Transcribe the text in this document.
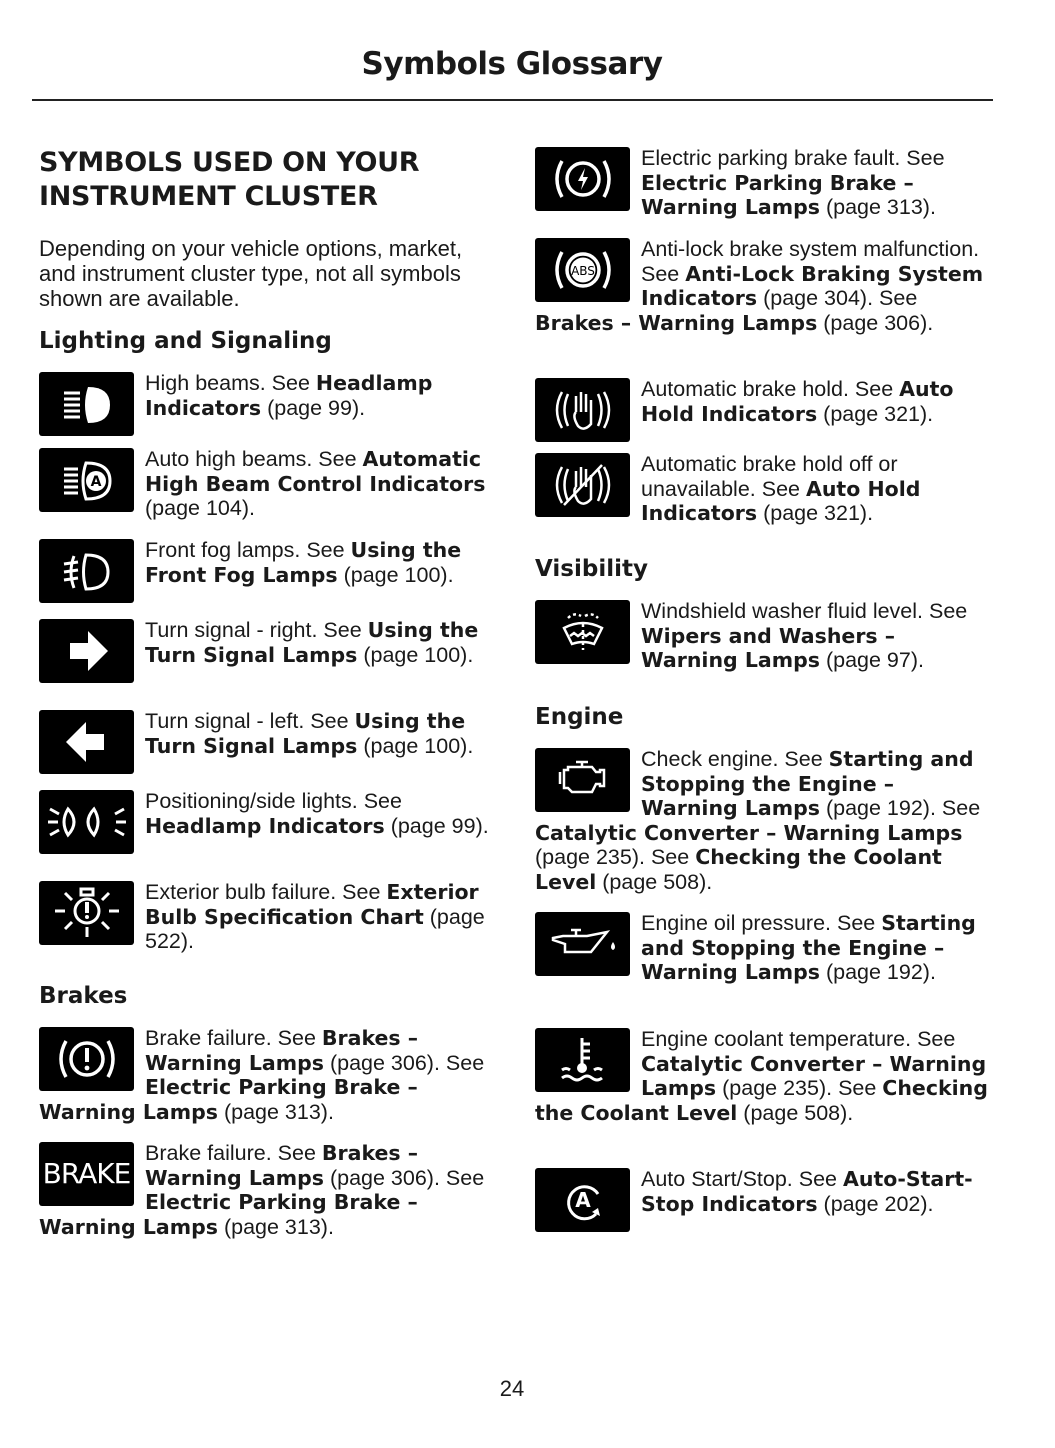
Symbols Glossary
SYMBOLS USED ON YOUR INSTRUMENT CLUSTER
Depending on your vehicle options, market, and instrument cluster type, not all symbols shown are available.
Lighting and Signaling
High beams. See Headlamp Indicators (page 99).
A
Auto high beams. See Automatic High Beam Control Indicators (page 104).
Front fog lamps. See Using the Front Fog Lamps (page 100).
Turn signal - right. See Using the Turn Signal Lamps (page 100).
Turn signal - left. See Using the Turn Signal Lamps (page 100).
Positioning/side lights. See Headlamp Indicators (page 99).
Exterior bulb failure. See Exterior Bulb Specification Chart (page 522).
Brakes
Brake failure. See Brakes – Warning Lamps (page 306). See Electric Parking Brake – Warning Lamps (page 313).
BRAKE
Brake failure. See Brakes – Warning Lamps (page 306). See Electric Parking Brake – Warning Lamps (page 313).
Electric parking brake fault. See Electric Parking Brake – Warning Lamps (page 313).
ABS
Anti-lock brake system malfunction. See Anti-Lock Braking System Indicators (page 304). See Brakes – Warning Lamps (page 306).
Automatic brake hold. See Auto Hold Indicators (page 321).
Automatic brake hold off or unavailable. See Auto Hold Indicators (page 321).
Visibility
Windshield washer fluid level. See Wipers and Washers – Warning Lamps (page 97).
Engine
Check engine. See Starting and Stopping the Engine – Warning Lamps (page 192). See Catalytic Converter – Warning Lamps (page 235). See Checking the Coolant Level (page 508).
Engine oil pressure. See Starting and Stopping the Engine – Warning Lamps (page 192).
Engine coolant temperature. See Catalytic Converter – Warning Lamps (page 235). See Checking the Coolant Level (page 508).
A
Auto Start/Stop. See Auto-Start-Stop Indicators (page 202).
24
